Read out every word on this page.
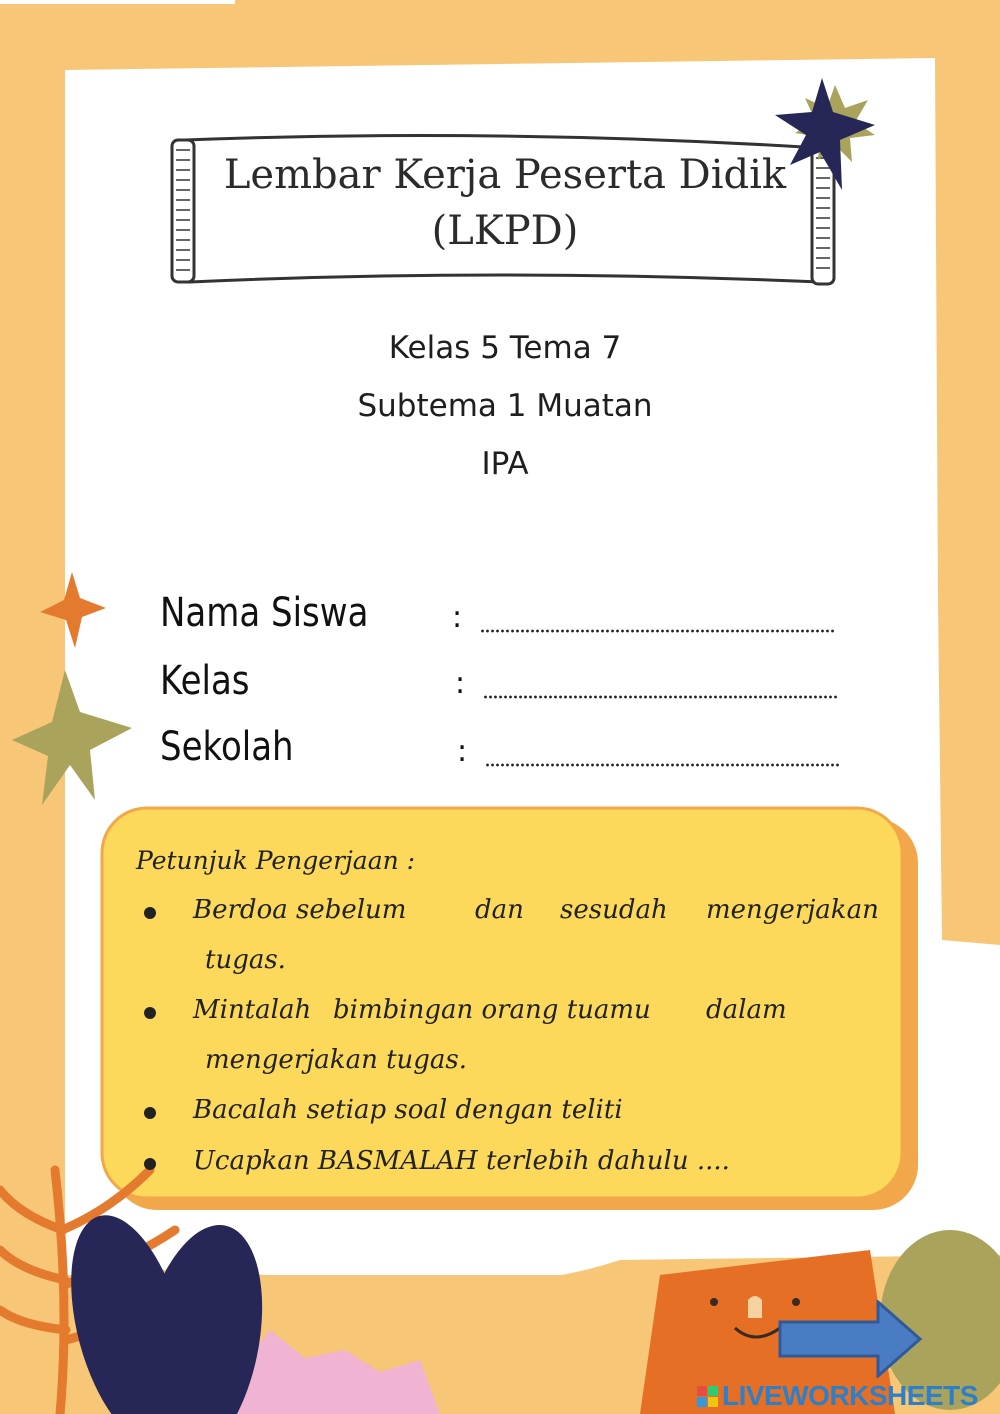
Lembar Kerja Peserta Didik
(LKPD)
Kelas 5 Tema 7
Subtema 1 Muatan
IPA
Nama Siswa	:
Kelas	:
Sekolah	:
Petunjuk Pengerjaan :
Berdoa sebelum	dan sesudah mengerjakan
tugas.
Mintalah bimbingan orang tuamu dalam
mengerjakan tugas.
Bacalah setiap soal dengan teliti
Ucapkan BASMALAH terlebih dahulu ....
LIVEWORKSHEETS
